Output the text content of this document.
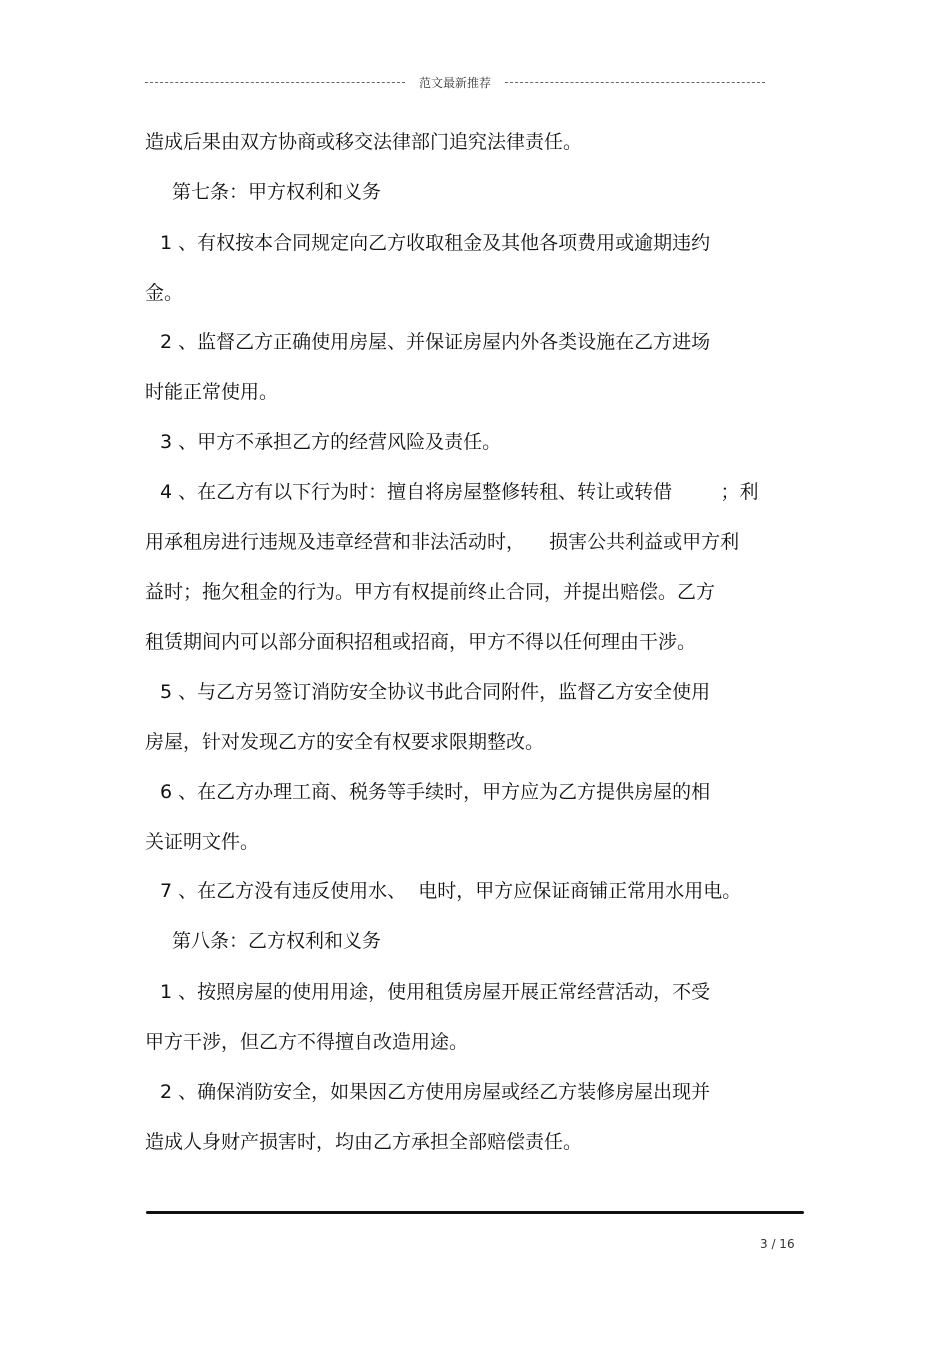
范文最新推荐
造成后果由双方协商或移交法律部门追究法律责任。
第七条：甲方权利和义务
1 、有权按本合同规定向乙方收取租金及其他各项费用或逾期违约
金。
2 、监督乙方正确使用房屋、并保证房屋内外各类设施在乙方进场
时能正常使用。
3 、甲方不承担乙方的经营风险及责任。
4 、在乙方有以下行为时：擅自将房屋整修转租、转让或转借        ；利
用承租房进行违规及违章经营和非法活动时，    损害公共利益或甲方利
益时；拖欠租金的行为。甲方有权提前终止合同，并提出赔偿。乙方
租赁期间内可以部分面积招租或招商，甲方不得以任何理由干涉。
5 、与乙方另签订消防安全协议书此合同附件，监督乙方安全使用
房屋，针对发现乙方的安全有权要求限期整改。
6 、在乙方办理工商、税务等手续时，甲方应为乙方提供房屋的相
关证明文件。
7 、在乙方没有违反使用水、  电时，甲方应保证商铺正常用水用电。
第八条：乙方权利和义务
1 、按照房屋的使用用途，使用租赁房屋开展正常经营活动，不受
甲方干涉，但乙方不得擅自改造用途。
2 、确保消防安全，如果因乙方使用房屋或经乙方装修房屋出现并
造成人身财产损害时，均由乙方承担全部赔偿责任。
3 / 16
